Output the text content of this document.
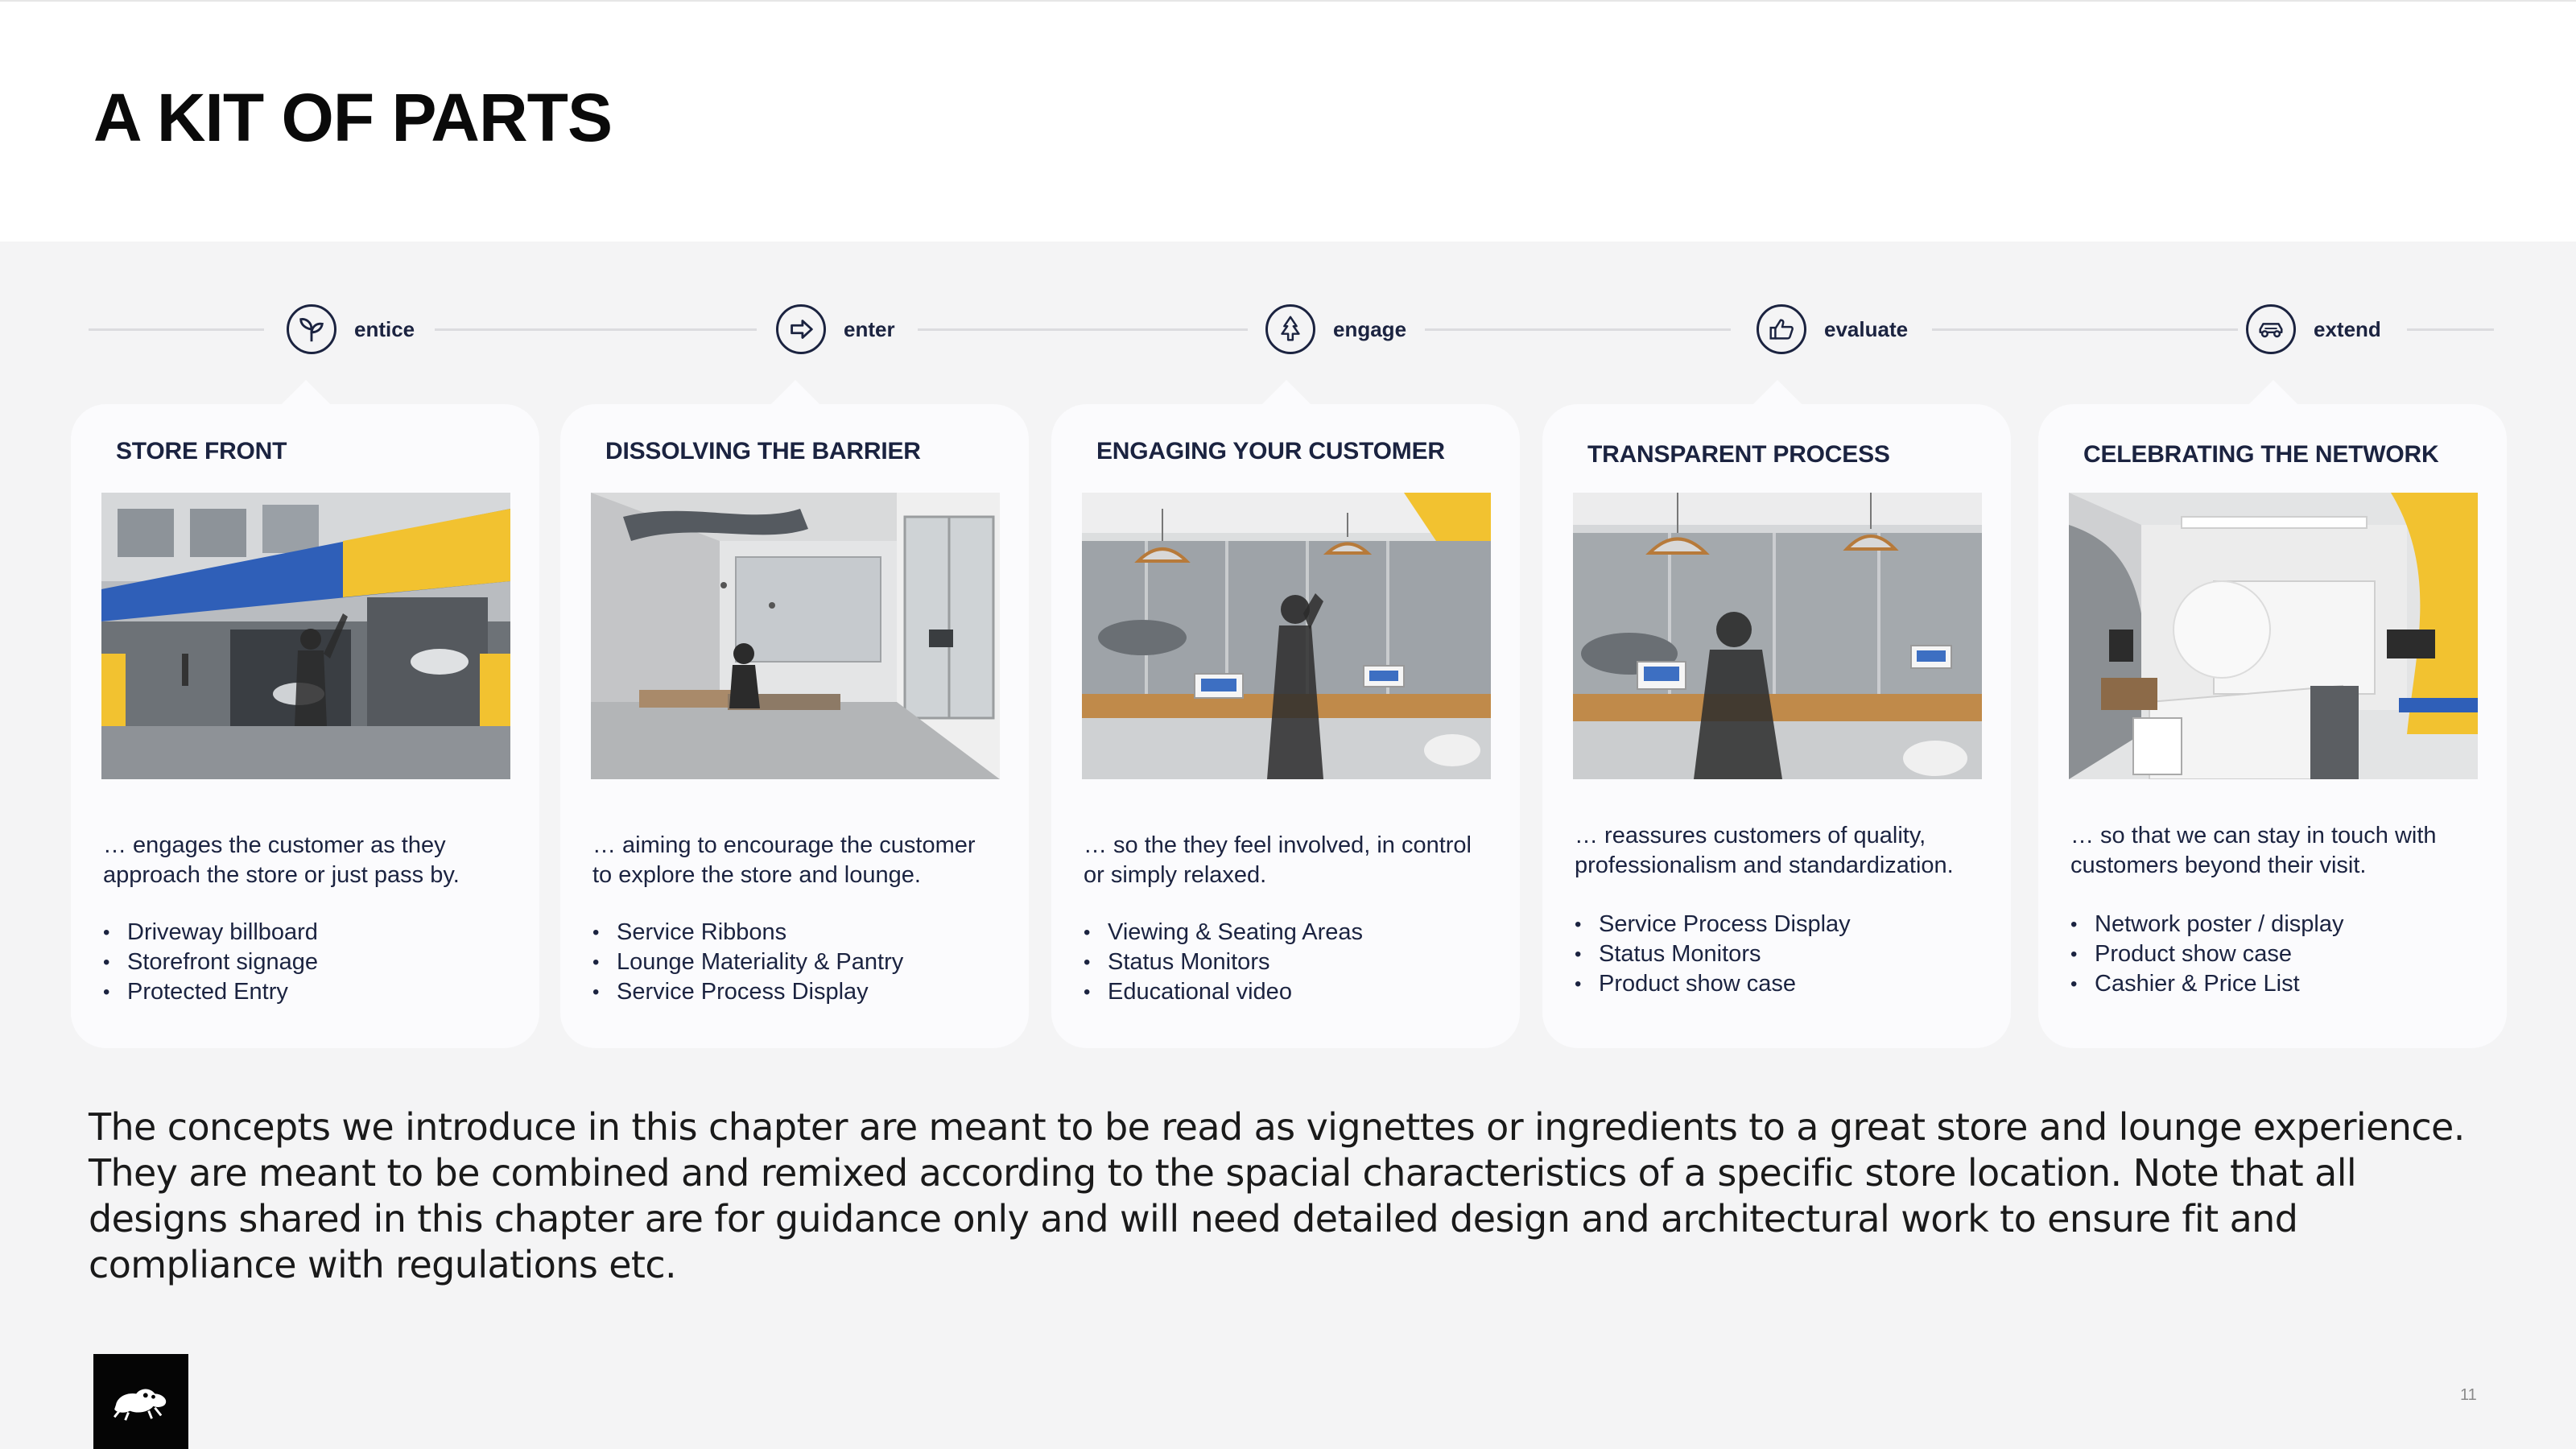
A KIT OF PARTS
entice	enter	engage	evaluate	extend
STORE FRONT
… engages the customer as they approach the store or just pass by.
• Driveway billboard
• Storefront signage
• Protected Entry
DISSOLVING THE BARRIER
… aiming to encourage the customer to explore the store and lounge.
• Service Ribbons
• Lounge Materiality & Pantry
• Service Process Display
ENGAGING YOUR CUSTOMER
… so the they feel involved, in control or simply relaxed.
• Viewing & Seating Areas
• Status Monitors
• Educational video
TRANSPARENT PROCESS
… reassures customers of quality, professionalism and standardization.
• Service Process Display
• Status Monitors
• Product show case
CELEBRATING THE NETWORK
… so that we can stay in touch with customers beyond their visit.
• Network poster / display
• Product show case
• Cashier & Price List

The concepts we introduce in this chapter are meant to be read as vignettes or ingredients to a great store and lounge experience. They are meant to be combined and remixed according to the spacial characteristics of a specific store location. Note that all designs shared in this chapter are for guidance only and will need detailed design and architectural work to ensure fit and compliance with regulations etc.

11
